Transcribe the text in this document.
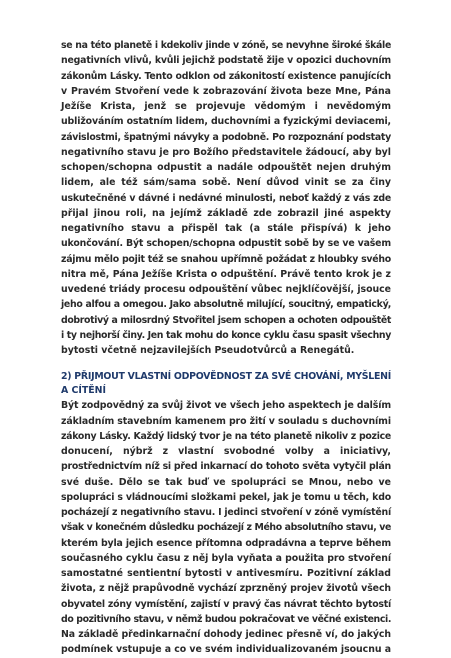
se na této planetě i kdekoliv jinde v zóně, se nevyhne široké škále
negativních vlivů, kvůli jejichž podstatě žije v opozici duchovním
zákonům Lásky. Tento odklon od zákonitostí existence panujících
v Pravém Stvoření vede k zobrazování života beze Mne, Pána
Ježíše Krista, jenž se projevuje vědomým i nevědomým
ubližováním ostatním lidem, duchovními a fyzickými deviacemi,
závislostmi, špatnými návyky a podobně. Po rozpoznání podstaty
negativního stavu je pro Božího představitele žádoucí, aby byl
schopen/schopna odpustit a nadále odpouštět nejen druhým
lidem, ale též sám/sama sobě. Není důvod vinit se za činy
uskutečněné v dávné i nedávné minulosti, neboť každý z vás zde
přijal jinou roli, na jejímž základě zde zobrazil jiné aspekty
negativního stavu a přispěl tak (a stále přispívá) k jeho
ukončování. Být schopen/schopna odpustit sobě by se ve vašem
zájmu mělo pojit též se snahou upřímně požádat z hloubky svého
nitra mě, Pána Ježíše Krista o odpuštění. Právě tento krok je z
uvedené triády procesu odpouštění vůbec nejklíčovější, jsouce
jeho alfou a omegou. Jako absolutně milující, soucitný, empatický,
dobrotivý a milosrdný Stvořitel jsem schopen a ochoten odpouštět
i ty nejhorší činy. Jen tak mohu do konce cyklu času spasit všechny
bytosti včetně nejzavilejších Pseudotvůrců a Renegátů.

2) PŘIJMOUT VLASTNÍ ODPOVĚDNOST ZA SVÉ CHOVÁNÍ, MYŠLENÍ
A CÍTĚNÍ

Být zodpovědný za svůj život ve všech jeho aspektech je dalším
základním stavebním kamenem pro žití v souladu s duchovními
zákony Lásky. Každý lidský tvor je na této planetě nikoliv z pozice
donucení, nýbrž z vlastní svobodné volby a iniciativy,
prostřednictvím níž si před inkarnací do tohoto světa vytyčil plán
své duše. Dělo se tak buď ve spolupráci se Mnou, nebo ve
spolupráci s vládnoucími složkami pekel, jak je tomu u těch, kdo
pocházejí z negativního stavu. I jedinci stvoření v zóně vymístění
však v konečném důsledku pocházejí z Mého absolutního stavu, ve
kterém byla jejich esence přítomna odpradávna a teprve během
současného cyklu času z něj byla vyňata a použita pro stvoření
samostatné sentientní bytosti v antivesmíru. Pozitivní základ
života, z nějž prapůvodně vychází zprzněný projev životů všech
obyvatel zóny vymístění, zajistí v pravý čas návrat těchto bytostí
do pozitivního stavu, v němž budou pokračovat ve věčné existenci.
Na základě předinkarnační dohody jedinec přesně ví, do jakých
podmínek vstupuje a co ve svém individualizovaném jsoucnu a
